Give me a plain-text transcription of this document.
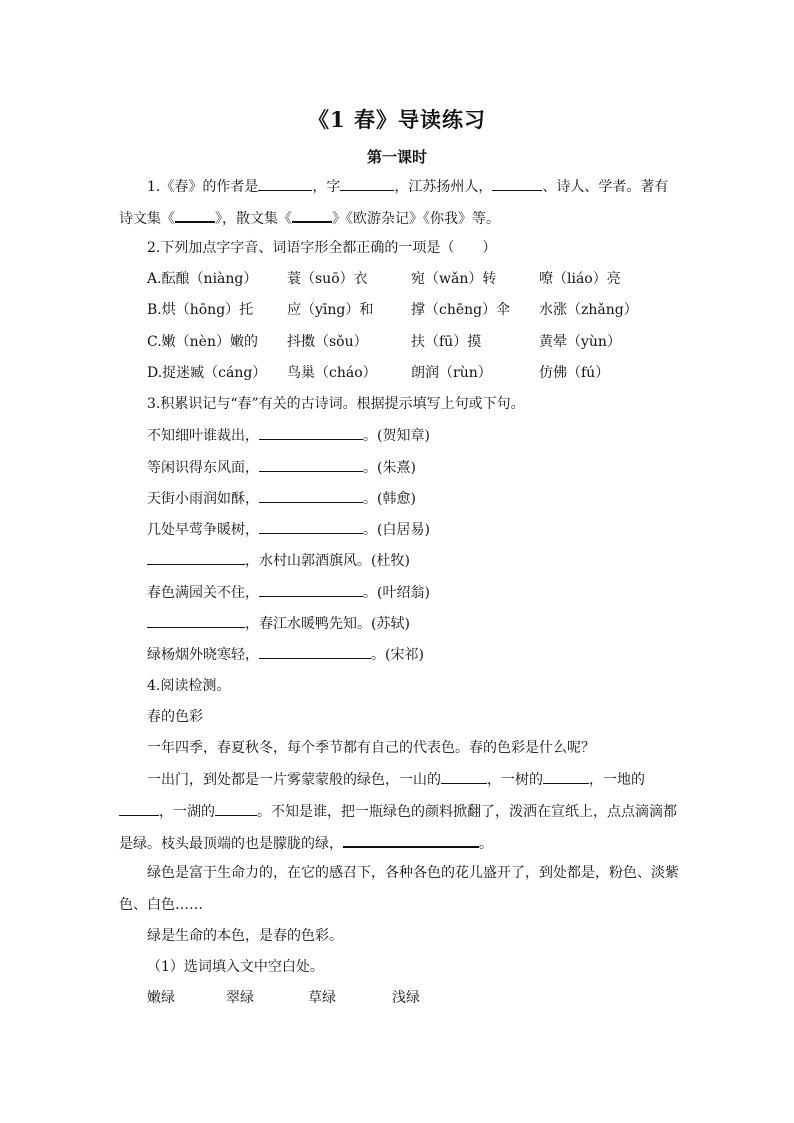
《1 春》导读练习
第一课时
1.《春》的作者是	，字	，江苏扬州人，	、诗人、学者。著有
诗文集《	》，散文集《	》《欧游杂记》《你我》等。
2.下列加点字字音、词语字形全都正确的一项是（　　）
A.酝酿（niàng） 蓑（suō）衣	宛（wǎn）转	嘹（liáo）亮
B.烘（hōng）托 应（yīng）和	撑（chēng）伞 水涨（zhǎng）
C.嫩（nèn）嫩的 抖擞（sǒu）	扶（fū）摸	黄晕（yùn）
D.捉迷臧（cáng） 鸟巢（cháo） 朗润（rùn）	仿佛（fú）
3.积累识记与“春”有关的古诗词。根据提示填写上句或下句。
不知细叶谁裁出，	。(贺知章)
等闲识得东风面，	。(朱熹)
天街小雨润如酥，	。(韩愈)
几处早莺争暖树，	。(白居易)
，水村山郭酒旗风。(杜牧)
春色满园关不住，	。(叶绍翁)
，春江水暖鸭先知。(苏轼)
绿杨烟外晓寒轻，	。(宋祁)
4.阅读检测。
春的色彩
一年四季，春夏秋冬，每个季节都有自己的代表色。春的色彩是什么呢？
一出门，到处都是一片雾蒙蒙般的绿色，一山的	，一树的	，一地的
，一湖的	。不知是谁，把一瓶绿色的颜料掀翻了，泼洒在宣纸上，点点滴滴都
是绿。枝头最顶端的也是朦胧的绿，	。
绿色是富于生命力的，在它的感召下，各种各色的花儿盛开了，到处都是，粉色、淡紫
色、白色……
绿是生命的本色，是春的色彩。
（1）选词填入文中空白处。
嫩绿	翠绿	草绿	浅绿
